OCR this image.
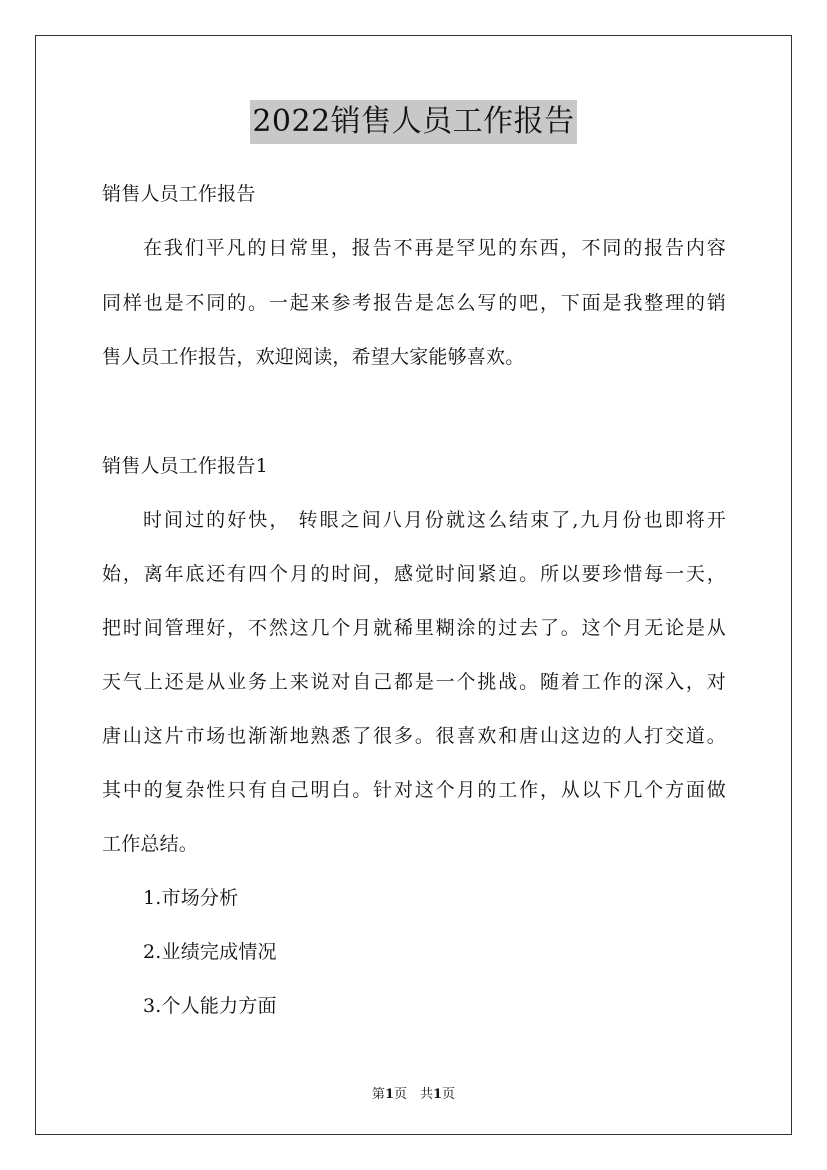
2022销售人员工作报告
销售人员工作报告
在我们平凡的日常里，报告不再是罕见的东西，不同的报告内容
同样也是不同的。一起来参考报告是怎么写的吧，下面是我整理的销
售人员工作报告，欢迎阅读，希望大家能够喜欢。
销售人员工作报告1
时间过的好快， 转眼之间八月份就这么结束了,九月份也即将开
始，离年底还有四个月的时间，感觉时间紧迫。所以要珍惜每一天，
把时间管理好，不然这几个月就稀里糊涂的过去了。这个月无论是从
天气上还是从业务上来说对自己都是一个挑战。随着工作的深入，对
唐山这片市场也渐渐地熟悉了很多。很喜欢和唐山这边的人打交道。
其中的复杂性只有自己明白。针对这个月的工作，从以下几个方面做
工作总结。
1.市场分析
2.业绩完成情况
3.个人能力方面
第1页　共1页
